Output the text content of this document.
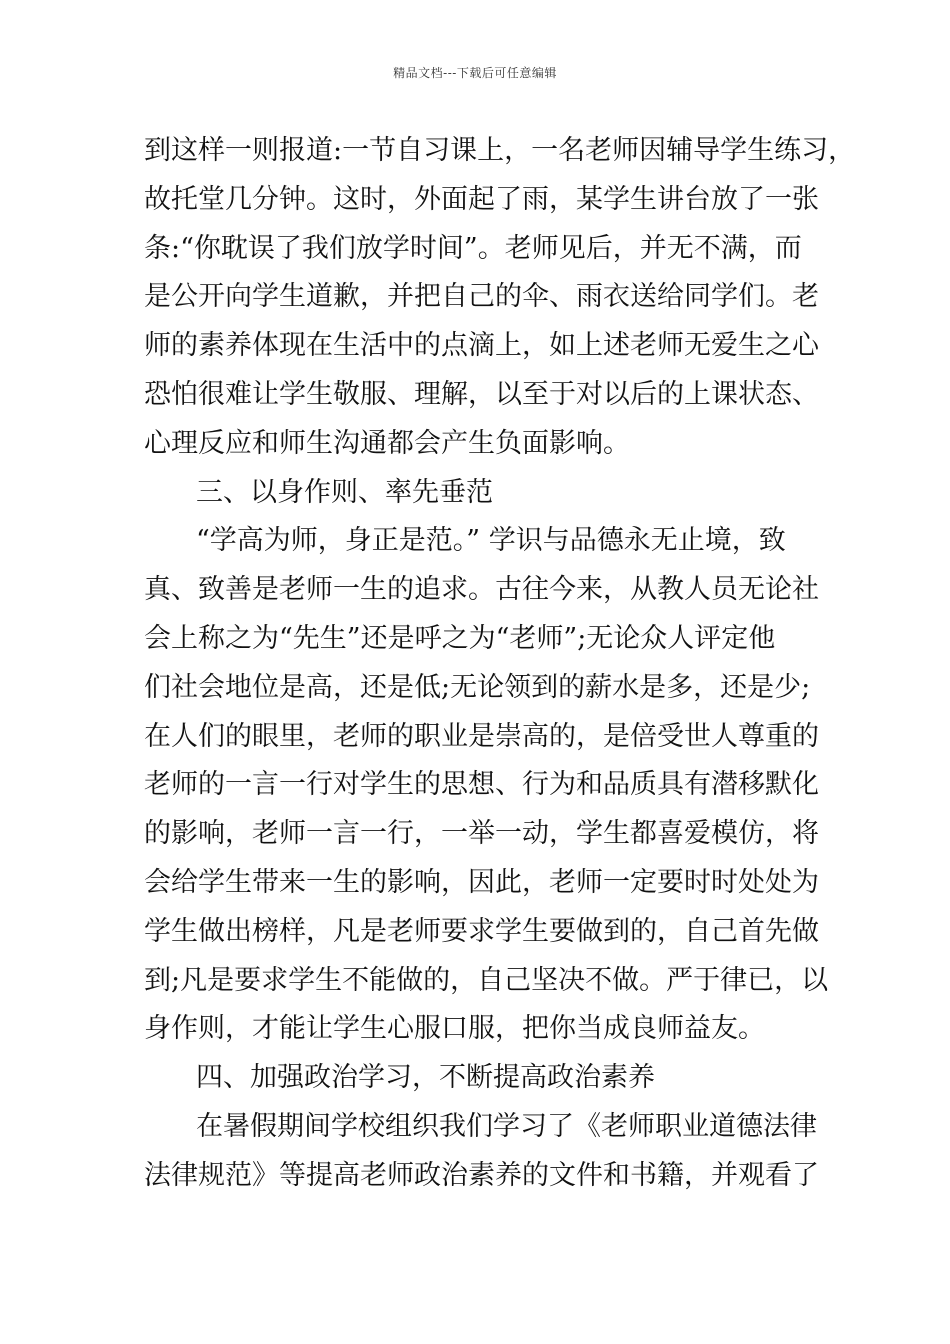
精品文档---下载后可任意编辑
到这样一则报道:一节自习课上，一名老师因辅导学生练习，
故托堂几分钟。这时，外面起了雨，某学生讲台放了一张
条:“你耽误了我们放学时间”。老师见后，并无不满，而
是公开向学生道歉，并把自己的伞、雨衣送给同学们。老
师的素养体现在生活中的点滴上，如上述老师无爱生之心
恐怕很难让学生敬服、理解，以至于对以后的上课状态、
心理反应和师生沟通都会产生负面影响。
三、以身作则、率先垂范
“学高为师，身正是范。” 学识与品德永无止境，致
真、致善是老师一生的追求。古往今来，从教人员无论社
会上称之为“先生”还是呼之为“老师”;无论众人评定他
们社会地位是高，还是低;无论领到的薪水是多，还是少;
在人们的眼里，老师的职业是崇高的，是倍受世人尊重的
老师的一言一行对学生的思想、行为和品质具有潜移默化
的影响，老师一言一行，一举一动，学生都喜爱模仿，将
会给学生带来一生的影响，因此，老师一定要时时处处为
学生做出榜样，凡是老师要求学生要做到的，自己首先做
到;凡是要求学生不能做的，自己坚决不做。严于律已，以
身作则，才能让学生心服口服，把你当成良师益友。
四、加强政治学习，不断提高政治素养
在暑假期间学校组织我们学习了《老师职业道德法律
法律规范》等提高老师政治素养的文件和书籍，并观看了
